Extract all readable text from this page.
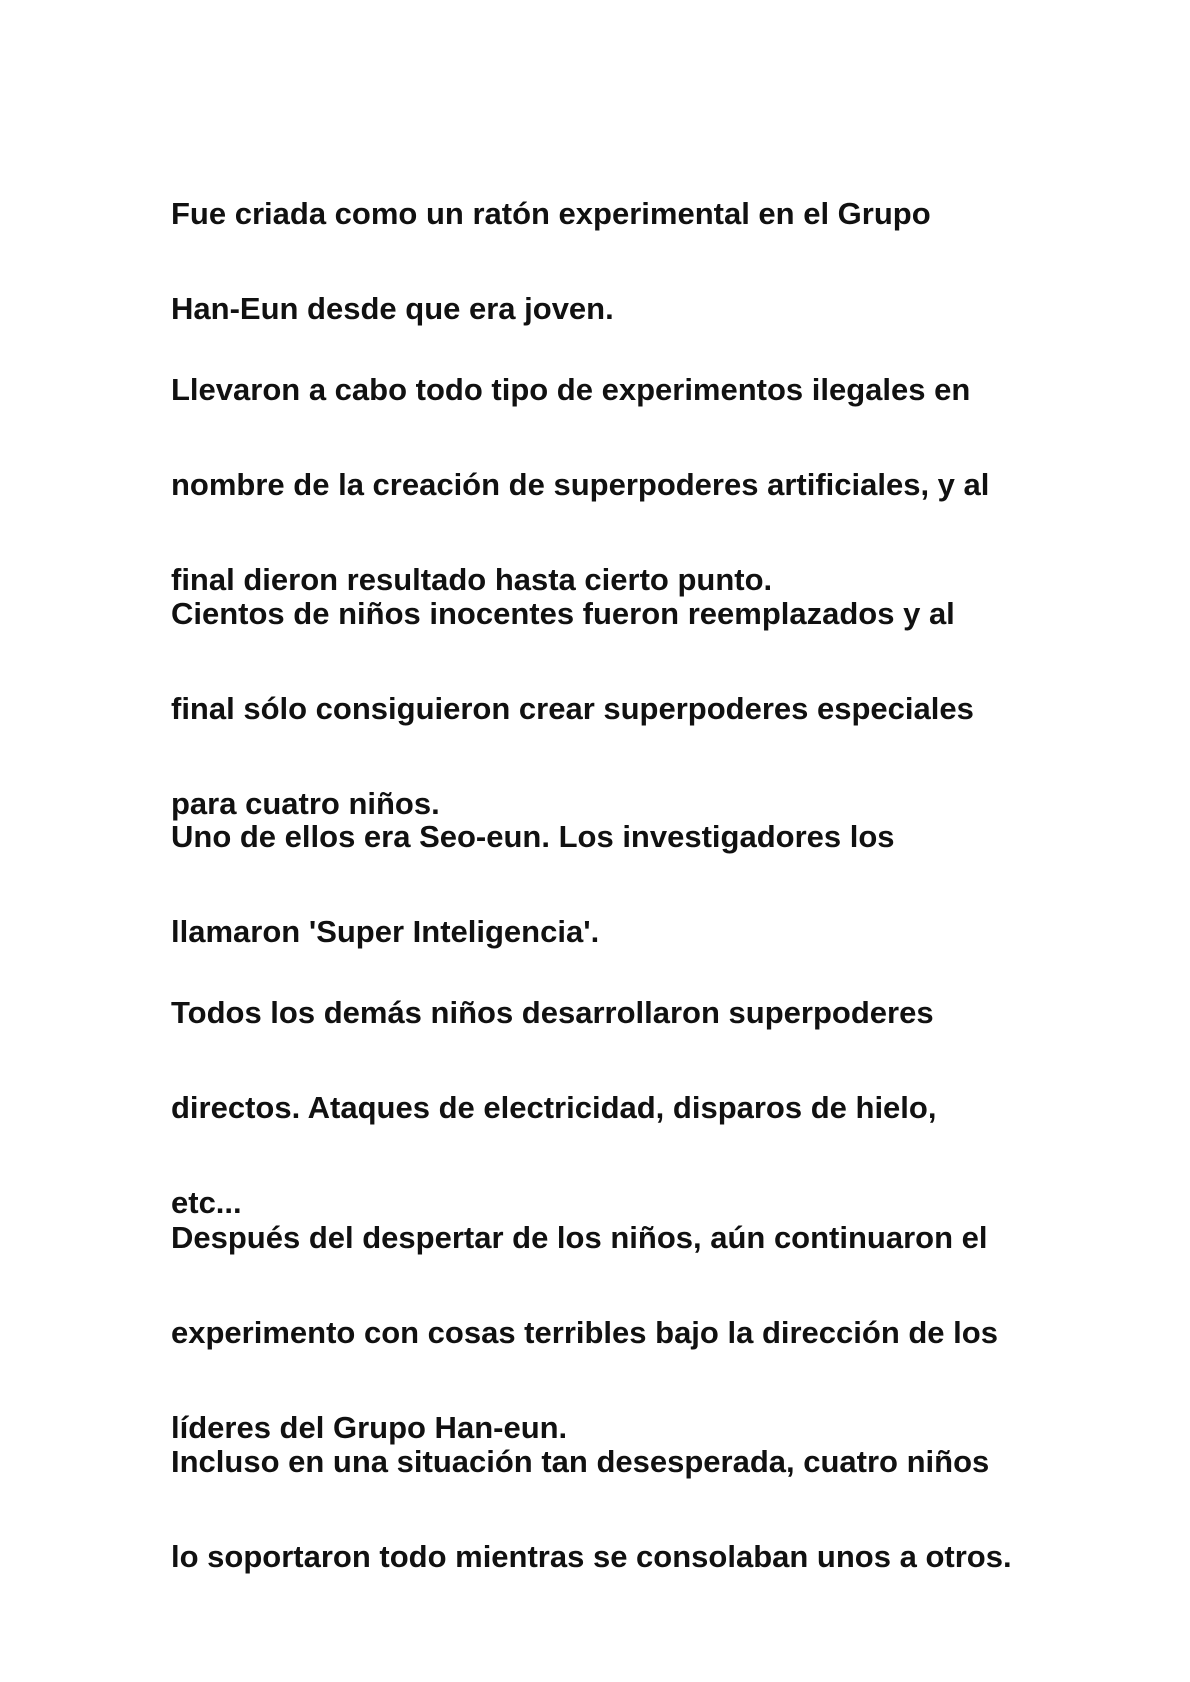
Fue criada como un ratón experimental en el Grupo

Han-Eun desde que era joven.

Llevaron a cabo todo tipo de experimentos ilegales en

nombre de la creación de superpoderes artificiales, y al

final dieron resultado hasta cierto punto.

Cientos de niños inocentes fueron reemplazados y al

final sólo consiguieron crear superpoderes especiales

para cuatro niños.

Uno de ellos era Seo-eun. Los investigadores los

llamaron 'Super Inteligencia'.

Todos los demás niños desarrollaron superpoderes

directos. Ataques de electricidad, disparos de hielo,

etc...

Después del despertar de los niños, aún continuaron el

experimento con cosas terribles bajo la dirección de los

líderes del Grupo Han-eun.

Incluso en una situación tan desesperada, cuatro niños

lo soportaron todo mientras se consolaban unos a otros.
